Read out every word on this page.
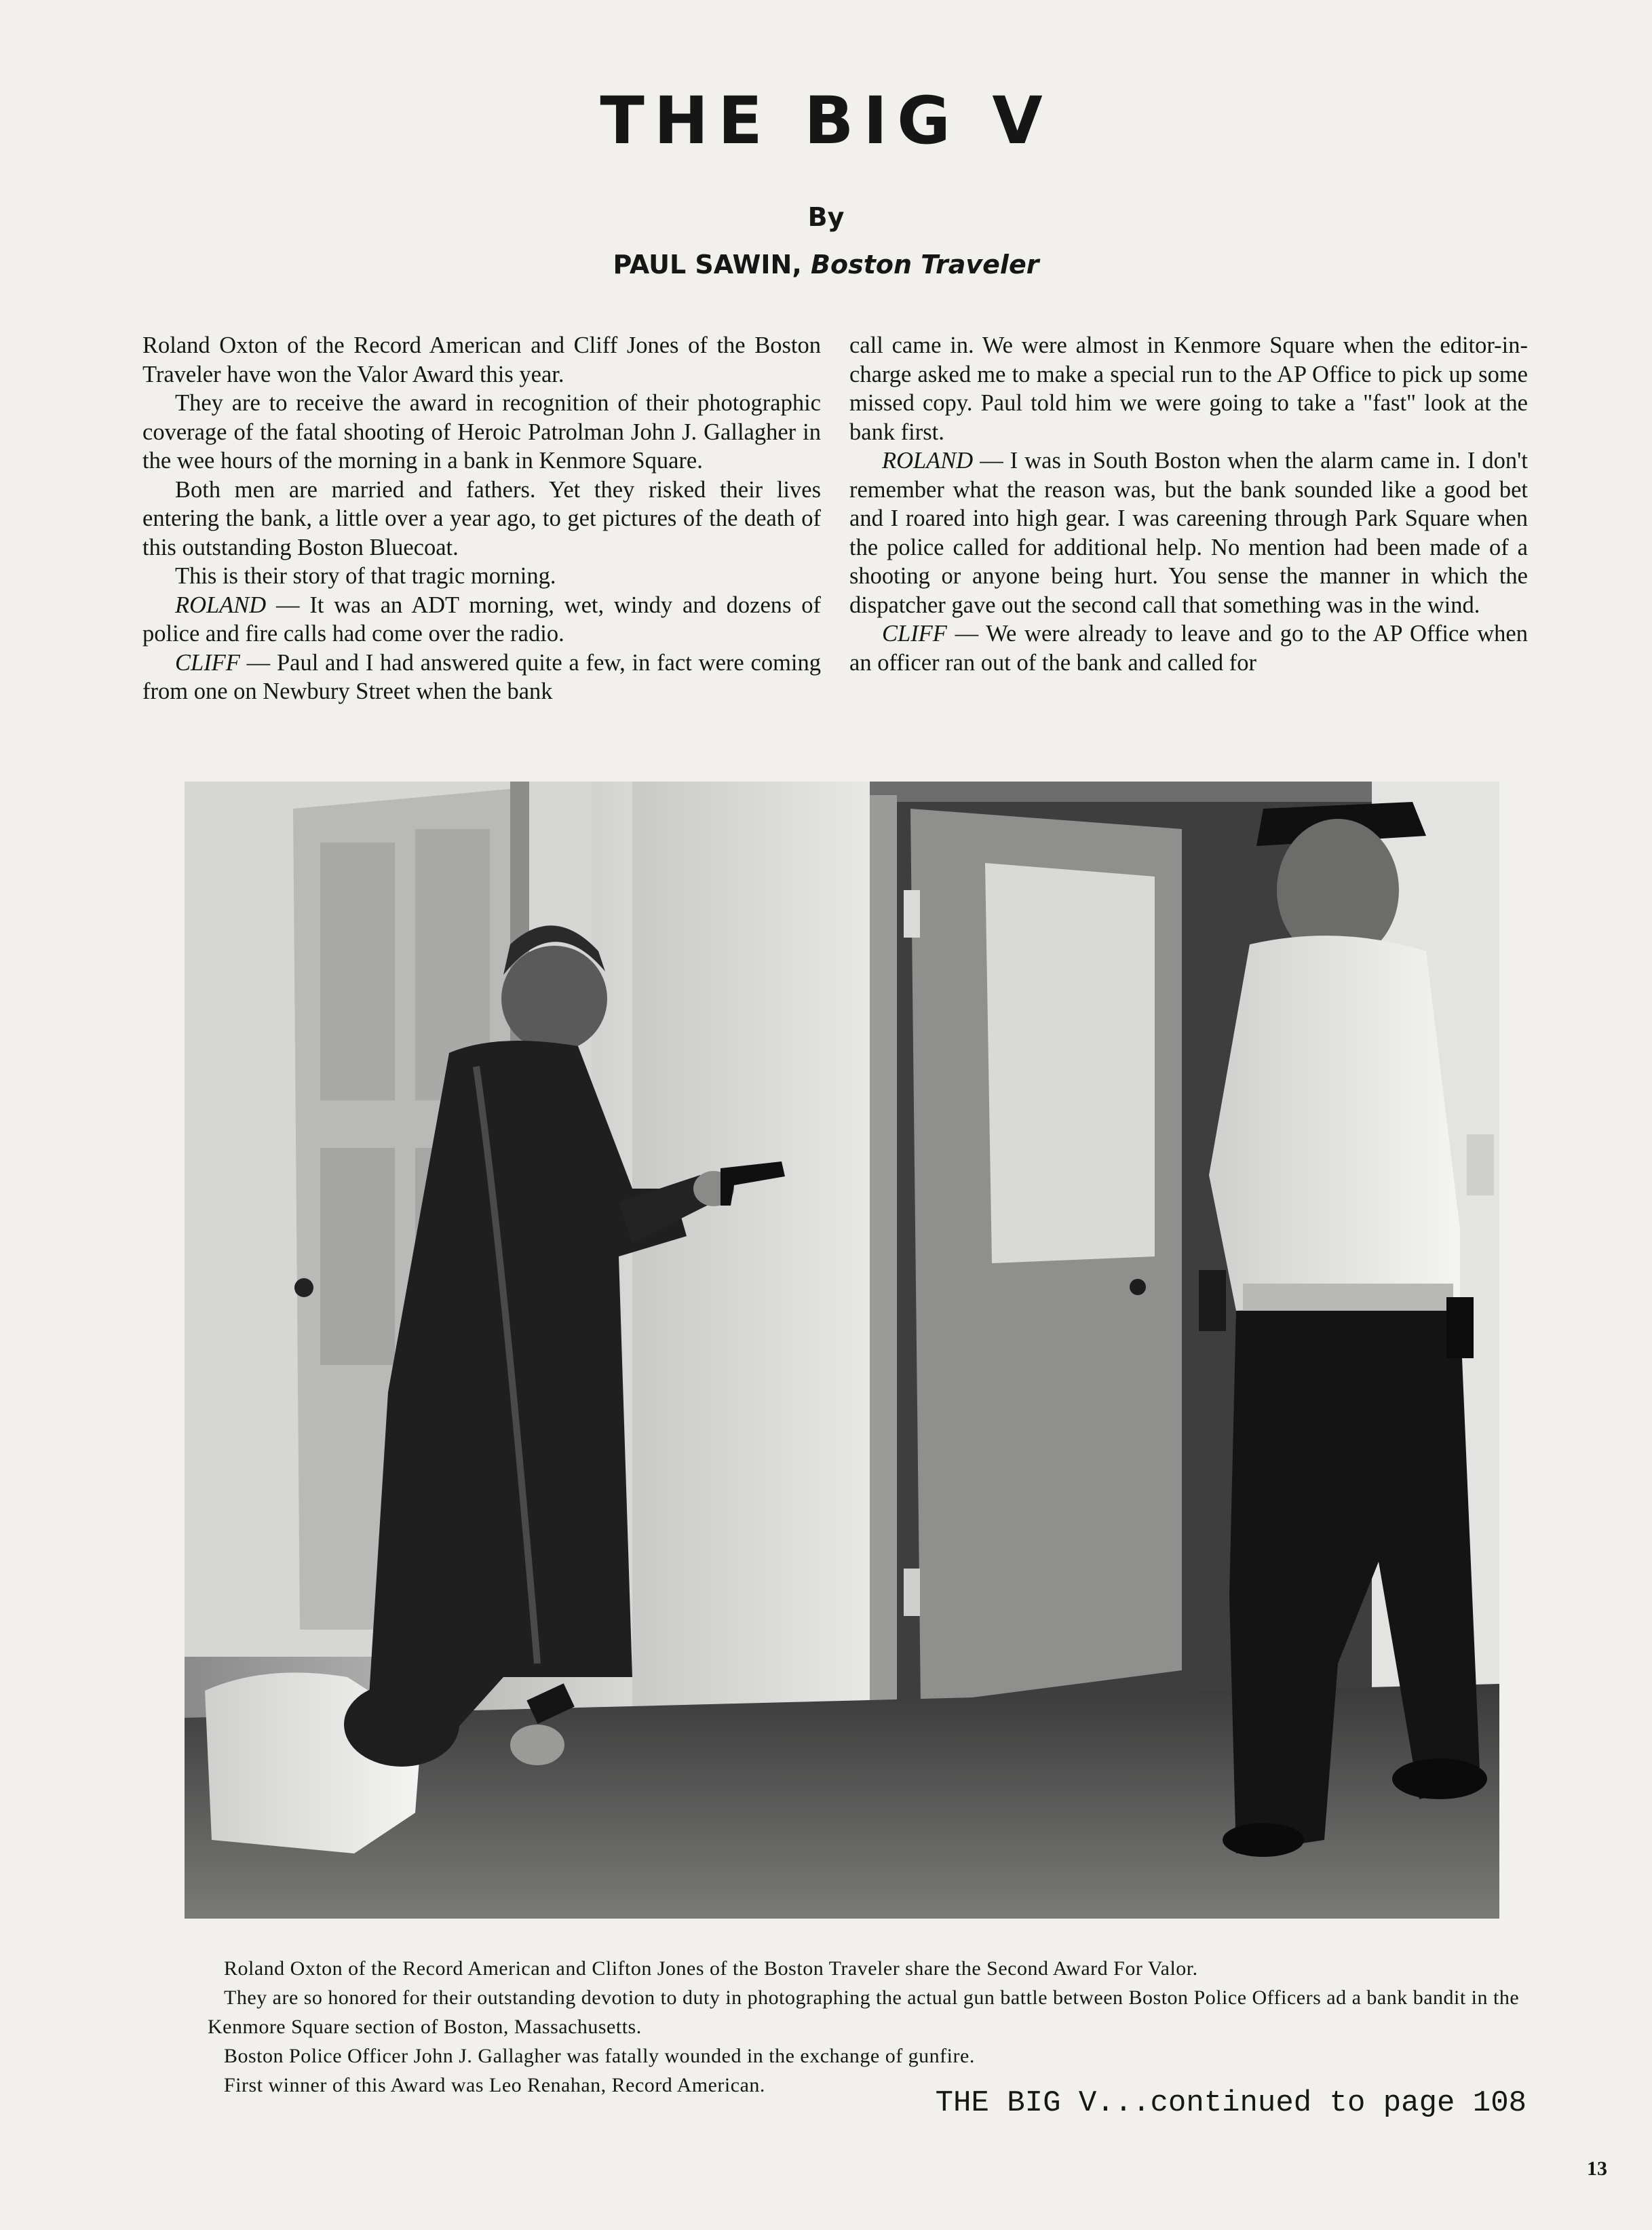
THE BIG V
By
PAUL SAWIN, Boston Traveler

Roland Oxton of the Record American and Cliff Jones of the Boston Traveler have won the Valor Award this year.

They are to receive the award in recognition of their photographic coverage of the fatal shooting of Heroic Patrolman John J. Gallagher in the wee hours of the morning in a bank in Kenmore Square.

Both men are married and fathers. Yet they risked their lives entering the bank, a little over a year ago, to get pictures of the death of this outstanding Boston Bluecoat.

This is their story of that tragic morning.

ROLAND — It was an ADT morning, wet, windy and dozens of police and fire calls had come over the radio.

CLIFF — Paul and I had answered quite a few, in fact were coming from one on Newbury Street when the bank

call came in. We were almost in Kenmore Square when the editor-in-charge asked me to make a special run to the AP Office to pick up some missed copy. Paul told him we were going to take a "fast" look at the bank first.

ROLAND — I was in South Boston when the alarm came in. I don't remember what the reason was, but the bank sounded like a good bet and I roared into high gear. I was careening through Park Square when the police called for additional help. No mention had been made of a shooting or anyone being hurt. You sense the manner in which the dispatcher gave out the second call that something was in the wind.

CLIFF — We were already to leave and go to the AP Office when an officer ran out of the bank and called for

Roland Oxton of the Record American and Clifton Jones of the Boston Traveler share the Second Award For Valor.

They are so honored for their outstanding devotion to duty in photographing the actual gun battle between Boston Police Officers ad a bank bandit in the Kenmore Square section of Boston, Massachusetts.

Boston Police Officer John J. Gallagher was fatally wounded in the exchange of gunfire.

First winner of this Award was Leo Renahan, Record American.

THE BIG V...continued to page 108
13
